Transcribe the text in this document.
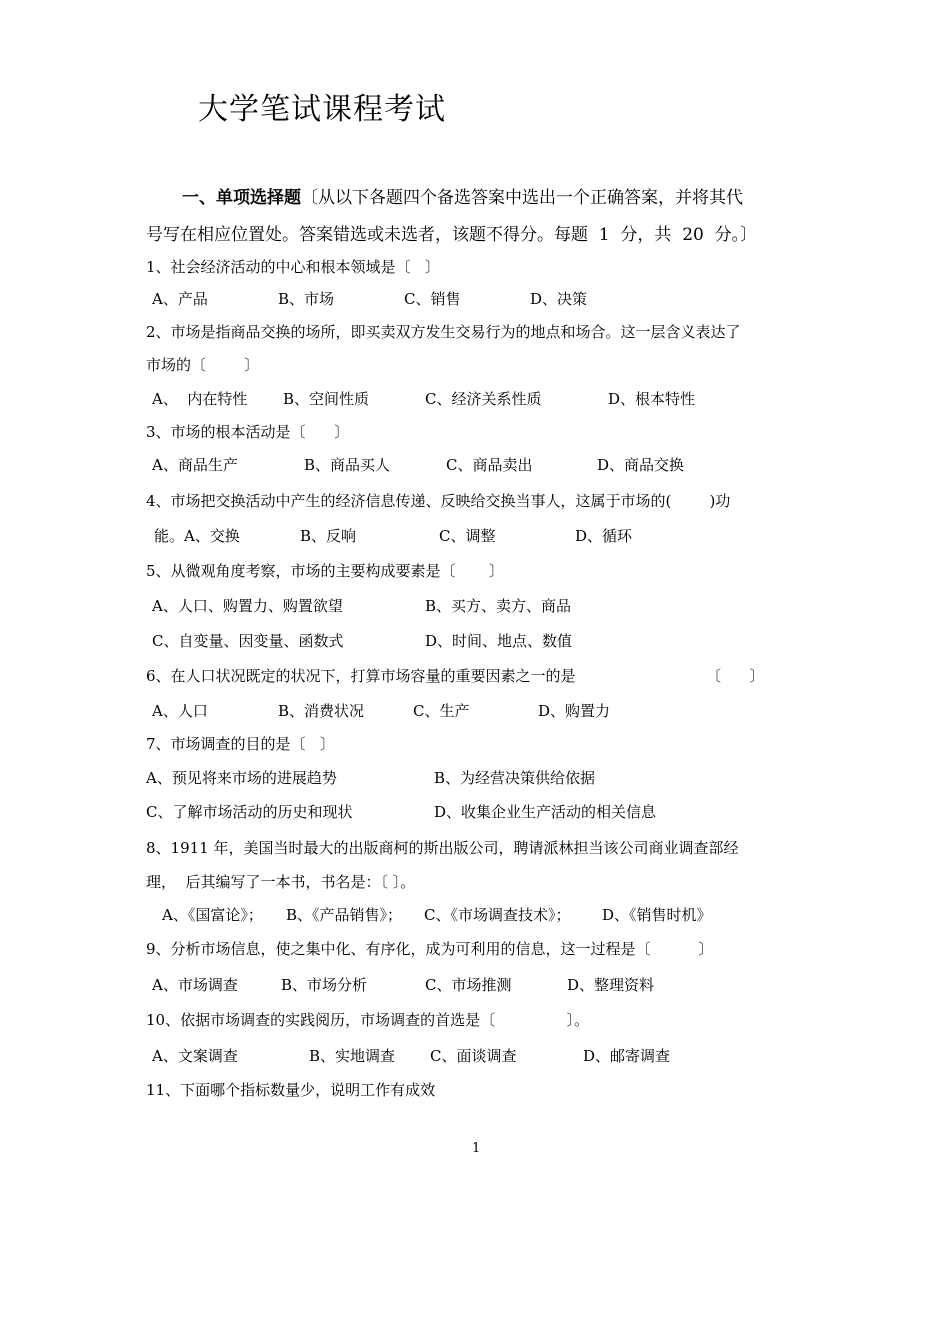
大学笔试课程考试
一、单项选择题〔从以下各题四个备选答案中选出一个正确答案，并将其代
号写在相应位置处。答案错选或未选者，该题不得分。每题  1  分，共  20  分。〕
1、社会经济活动的中心和根本领域是〔   〕
A、产品	B、市场	C、销售	D、决策
2、市场是指商品交换的场所，即买卖双方发生交易行为的地点和场合。这一层含义表达了
市场的〔        〕
A、  内在特性 B、空间性质	C、经济关系性质	D、根本特性
3、市场的根本活动是〔      〕
A、商品生产	B、商品买人	C、商品卖出	D、商品交换
4、市场把交换活动中产生的经济信息传递、反映给交换当事人，这属于市场的(        )功
能。A、交换	B、反响	C、调整	D、循环
5、从微观角度考察，市场的主要构成要素是〔       〕
A、人口、购置力、购置欲望	B、买方、卖方、商品
C、自变量、因变量、函数式	D、时间、地点、数值
6、在人口状况既定的状况下，打算市场容量的重要因素之一的是	〔      〕
A、人口	B、消费状况	C、生产	D、购置力
7、市场调查的目的是〔   〕
A、预见将来市场的进展趋势	B、为经营决策供给依据
C、了解市场活动的历史和现状	D、收集企业生产活动的相关信息
8、1911 年，美国当时最大的出版商柯的斯出版公司，聘请派林担当该公司商业调查部经
理，  后其编写了一本书，书名是：〔 〕。
A、《国富论》； B、《产品销售》； C、《市场调查技术》； D、《销售时机》
9、分析市场信息，使之集中化、有序化，成为可利用的信息，这一过程是〔          〕
A、市场调查	B、市场分析	C、市场推测	D、整理资料
10、依据市场调查的实践阅历，市场调查的首选是〔               〕。
A、文案调查	B、实地调查 C、面谈调查	D、邮寄调查
11、下面哪个指标数量少，说明工作有成效
1
